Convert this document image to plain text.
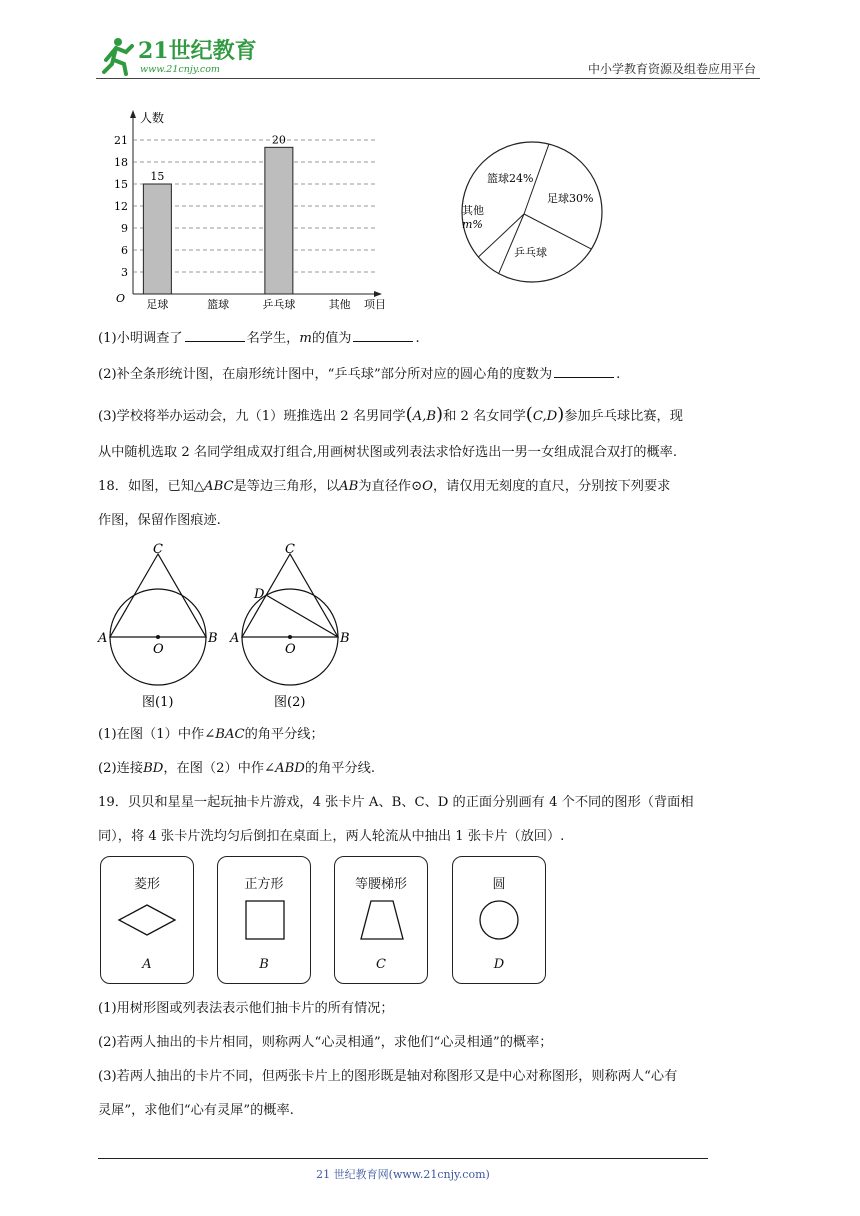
21世纪教育
www.21cnjy.com	中小学教育资源及组卷应用平台
人数
项目
O
3
6
9
12
15
18
21
15
20
足球	篮球	乒乓球	其他
足球30%
篮球24%
其他
m%
乒乓球
(1)小明调查了	名学生，m的值为	.
(2)补全条形统计图，在扇形统计图中，“乒乓球”部分所对应的圆心角的度数为	.
(3)学校将举办运动会，九（1）班推选出 2 名男同学(A,B)和 2 名女同学(C,D)参加乒乓球比赛，现
从中随机选取 2 名同学组成双打组合,用画树状图或列表法求恰好选出一男一女组成混合双打的概率.
18．如图，已知△ABC是等边三角形，以AB为直径作⊙O，请仅用无刻度的直尺，分别按下列要求
作图，保留作图痕迹.
C
A	B
O
图(1)
C
D
A	B
O
图(2)
(1)在图（1）中作∠BAC的角平分线；
(2)连接BD，在图（2）中作∠ABD的角平分线.
19．贝贝和星星一起玩抽卡片游戏，4 张卡片 A、B、C、D 的正面分别画有 4 个不同的图形（背面相
同），将 4 张卡片洗均匀后倒扣在桌面上，两人轮流从中抽出 1 张卡片（放回）.
菱形
A
正方形
B
等腰梯形
C
圆
D
(1)用树形图或列表法表示他们抽卡片的所有情况；
(2)若两人抽出的卡片相同，则称两人“心灵相通”，求他们“心灵相通”的概率；
(3)若两人抽出的卡片不同，但两张卡片上的图形既是轴对称图形又是中心对称图形，则称两人“心有
灵犀”，求他们“心有灵犀”的概率.
21 世纪教育网(www.21cnjy.com)
